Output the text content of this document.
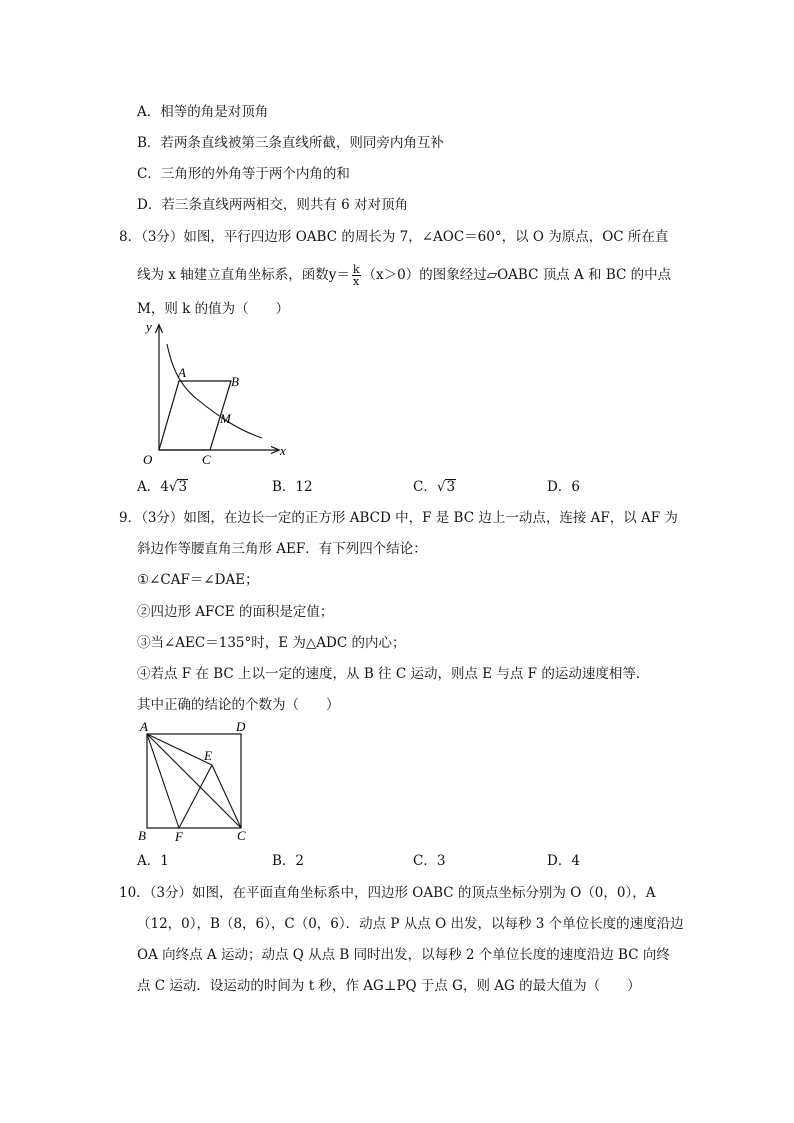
A．相等的角是对顶角
B．若两条直线被第三条直线所截，则同旁内角互补
C．三角形的外角等于两个内角的和
D．若三条直线两两相交，则共有 6 对对顶角
8．（3分）如图，平行四边形 OABC 的周长为 7，∠AOC＝60°，以 O 为原点，OC 所在直
线为 x 轴建立直角坐标系，函数$y= \frac{k}{x} (x>0)$的图象经过▱OABC 顶点 A 和 BC 的中点
M，则 k 的值为（　　）
y
x
O
A
B
C
M
A．4√3	B．12	C．√3	D．6
9．（3分）如图，在边长一定的正方形 ABCD 中，F 是 BC 边上一动点，连接 AF，以 AF 为
斜边作等腰直角三角形 AEF．有下列四个结论：
①∠CAF＝∠DAE；
②四边形 AFCE 的面积是定值；
③当∠AEC＝135°时，E 为△ADC 的内心；
④若点 F 在 BC 上以一定的速度，从 B 往 C 运动，则点 E 与点 F 的运动速度相等．
其中正确的结论的个数为（　　）
A	D
E
B F	C
A．1	B．2	C．3	D．4
10．（3分）如图，在平面直角坐标系中，四边形 OABC 的顶点坐标分别为 O（0，0），A
（12，0），B（8，6），C（0，6）．动点 P 从点 O 出发，以每秒 3 个单位长度的速度沿边
OA 向终点 A 运动；动点 Q 从点 B 同时出发，以每秒 2 个单位长度的速度沿边 BC 向终
点 C 运动．设运动的时间为 t 秒，作 AG⊥PQ 于点 G，则 AG 的最大值为（　　）
